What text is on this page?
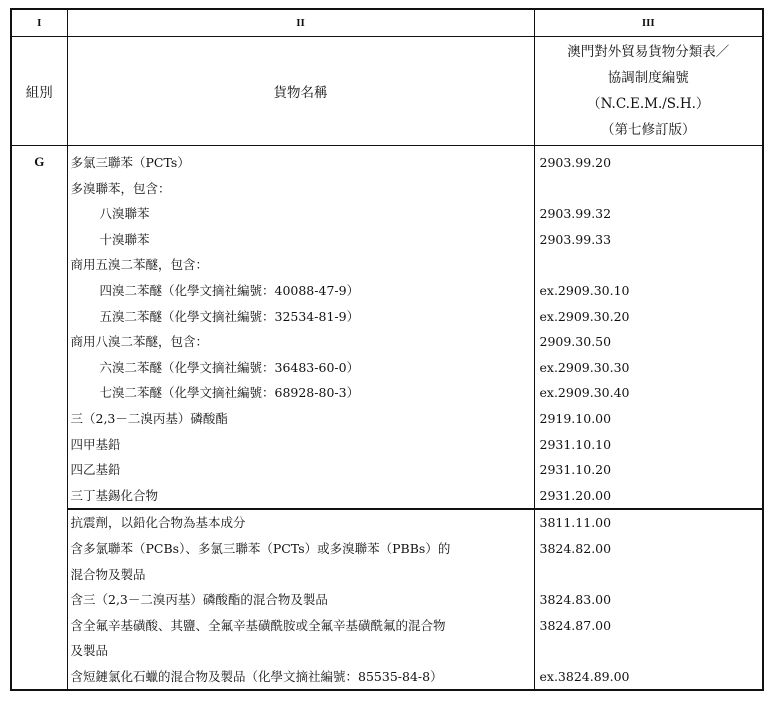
I	II	III
組別	貨物名稱	澳門對外貿易貨物分類表／
協調制度編號
（N.C.E.M./S.H.）
（第七修訂版）

G	多氯三聯苯（PCTs）	2903.99.20
	多溴聯苯，包含：	
	八溴聯苯	2903.99.32
	十溴聯苯	2903.99.33
	商用五溴二苯醚，包含：	
	四溴二苯醚（化學文摘社編號：40088-47-9）	ex.2909.30.10
	五溴二苯醚（化學文摘社編號：32534-81-9）	ex.2909.30.20
	商用八溴二苯醚，包含：	2909.30.50
	六溴二苯醚（化學文摘社編號：36483-60-0）	ex.2909.30.30
	七溴二苯醚（化學文摘社編號：68928-80-3）	ex.2909.30.40
	三（2,3－二溴丙基）磷酸酯	2919.10.00
	四甲基鉛	2931.10.10
	四乙基鉛	2931.10.20
	三丁基錫化合物	2931.20.00
	抗震劑，以鉛化合物為基本成分	3811.11.00
	含多氯聯苯（PCBs）、多氯三聯苯（PCTs）或多溴聯苯（PBBs）的	3824.82.00
	混合物及製品	
	含三（2,3－二溴丙基）磷酸酯的混合物及製品	3824.83.00
	含全氟辛基磺酸、其鹽、全氟辛基磺酰胺或全氟辛基磺酰氟的混合物	3824.87.00
	及製品	
	含短鏈氯化石蠟的混合物及製品（化學文摘社編號：85535-84-8）	ex.3824.89.00
